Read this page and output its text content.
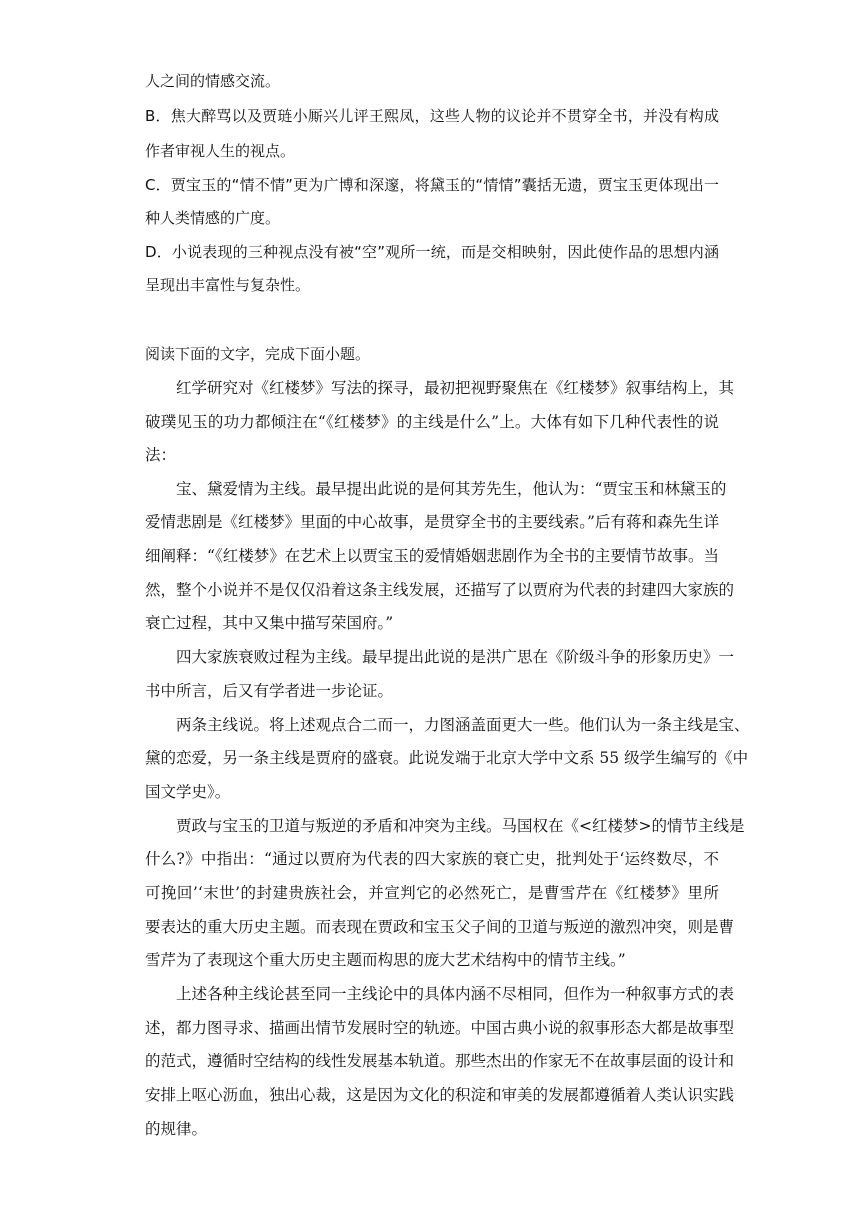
人之间的情感交流。
B．焦大醉骂以及贾琏小厮兴儿评王熙凤，这些人物的议论并不贯穿全书，并没有构成
作者审视人生的视点。
C．贾宝玉的“情不情”更为广博和深邃，将黛玉的“情情”囊括无遗，贾宝玉更体现出一
种人类情感的广度。
D．小说表现的三种视点没有被“空”观所一统，而是交相映射，因此使作品的思想内涵
呈现出丰富性与复杂性。
阅读下面的文字，完成下面小题。
红学研究对《红楼梦》写法的探寻，最初把视野聚焦在《红楼梦》叙事结构上，其
破璞见玉的功力都倾注在“《红楼梦》的主线是什么”上。大体有如下几种代表性的说
法：
宝、黛爱情为主线。最早提出此说的是何其芳先生，他认为：“贾宝玉和林黛玉的
爱情悲剧是《红楼梦》里面的中心故事，是贯穿全书的主要线索。”后有蒋和森先生详
细阐释：“《红楼梦》在艺术上以贾宝玉的爱情婚姻悲剧作为全书的主要情节故事。当
然，整个小说并不是仅仅沿着这条主线发展，还描写了以贾府为代表的封建四大家族的
衰亡过程，其中又集中描写荣国府。”
四大家族衰败过程为主线。最早提出此说的是洪广思在《阶级斗争的形象历史》一
书中所言，后又有学者进一步论证。
两条主线说。将上述观点合二而一，力图涵盖面更大一些。他们认为一条主线是宝、
黛的恋爱，另一条主线是贾府的盛衰。此说发端于北京大学中文系 55 级学生编写的《中
国文学史》。
贾政与宝玉的卫道与叛逆的矛盾和冲突为主线。马国权在《<红楼梦>的情节主线是
什么?》中指出：“通过以贾府为代表的四大家族的衰亡史，批判处于‘运终数尽，不
可挽回’‘末世’的封建贵族社会，并宣判它的必然死亡，是曹雪芹在《红楼梦》里所
要表达的重大历史主题。而表现在贾政和宝玉父子间的卫道与叛逆的激烈冲突，则是曹
雪芹为了表现这个重大历史主题而构思的庞大艺术结构中的情节主线。”
上述各种主线论甚至同一主线论中的具体内涵不尽相同，但作为一种叙事方式的表
述，都力图寻求、描画出情节发展时空的轨迹。中国古典小说的叙事形态大都是故事型
的范式，遵循时空结构的线性发展基本轨道。那些杰出的作家无不在故事层面的设计和
安排上呕心沥血，独出心裁，这是因为文化的积淀和审美的发展都遵循着人类认识实践
的规律。
